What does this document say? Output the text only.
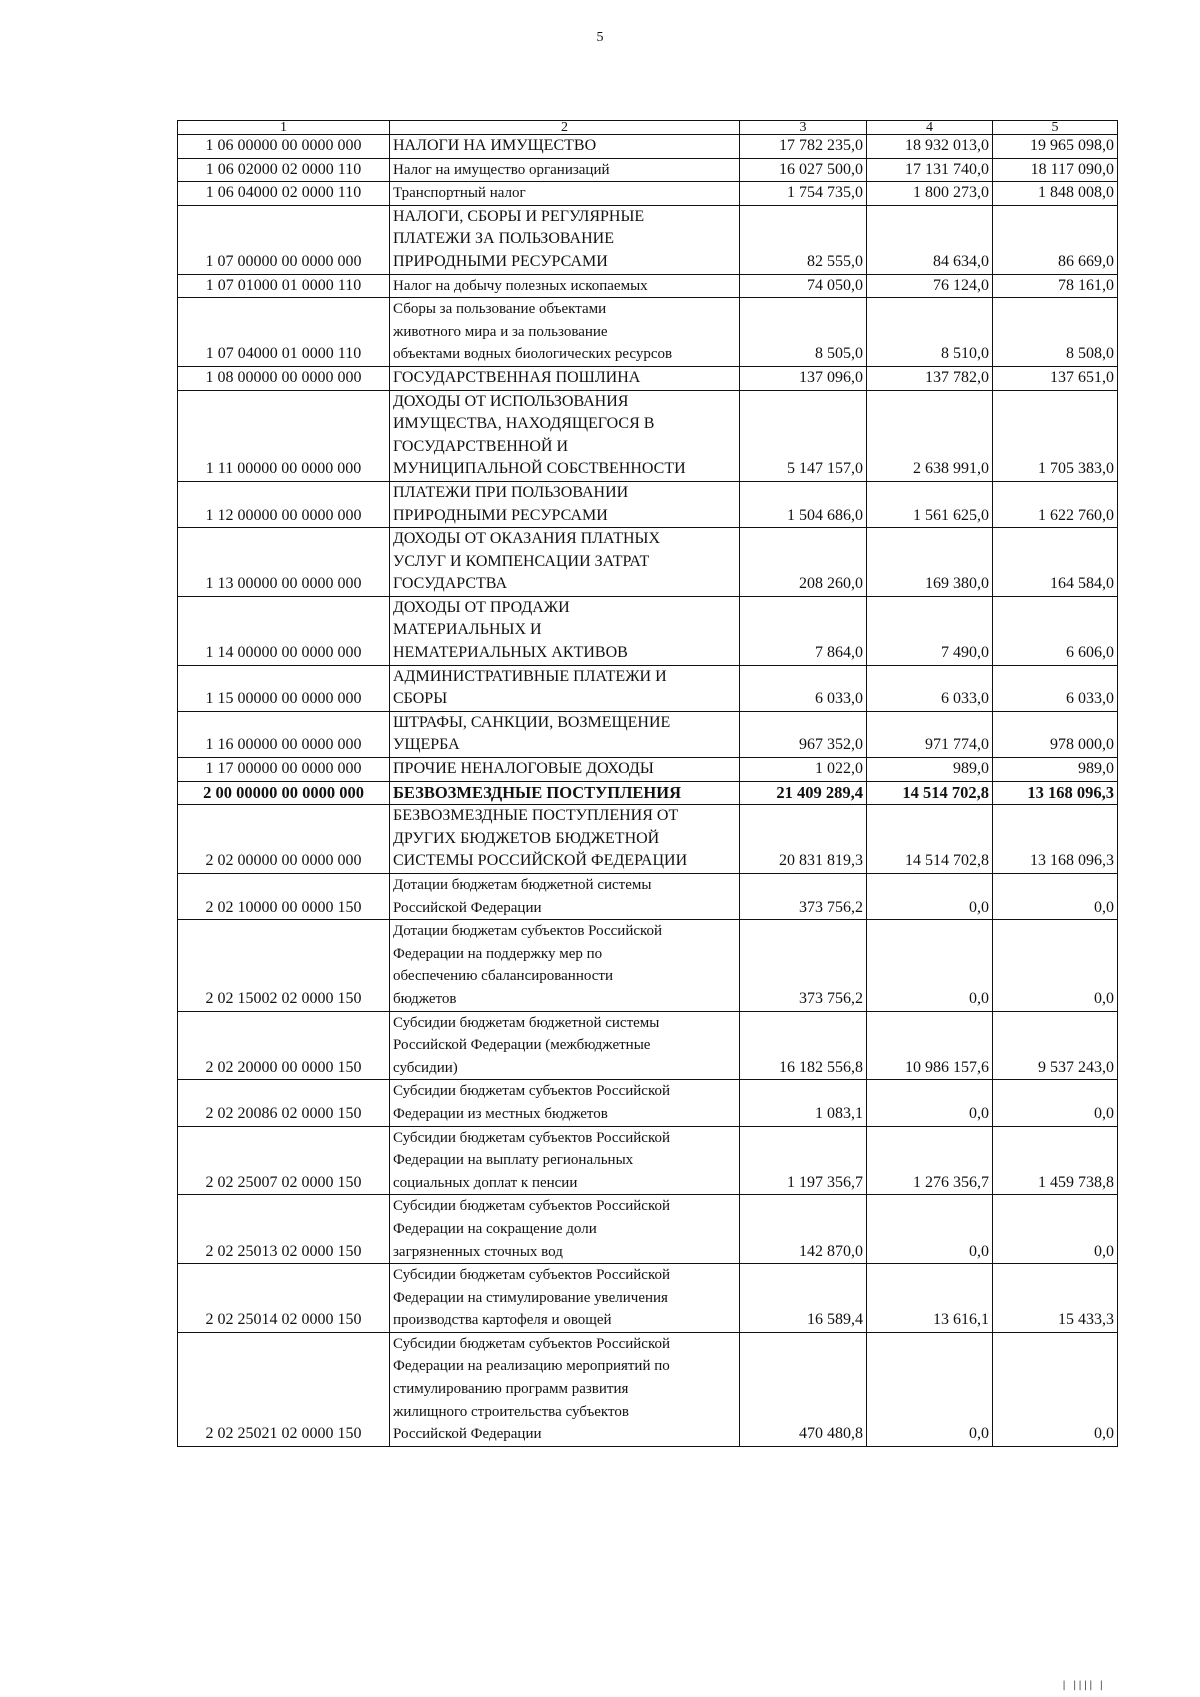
5
1	2	3	4	5
1 06 00000 00 0000 000	НАЛОГИ НА ИМУЩЕСТВО	17 782 235,0	18 932 013,0	19 965 098,0
1 06 02000 02 0000 110	Налог на имущество организаций	16 027 500,0	17 131 740,0	18 117 090,0
1 06 04000 02 0000 110	Транспортный налог	1 754 735,0	1 800 273,0	1 848 008,0
1 07 00000 00 0000 000	НАЛОГИ, СБОРЫ И РЕГУЛЯРНЫЕ
ПЛАТЕЖИ ЗА ПОЛЬЗОВАНИЕ
ПРИРОДНЫМИ РЕСУРСАМИ	82 555,0	84 634,0	86 669,0
1 07 01000 01 0000 110	Налог на добычу полезных ископаемых	74 050,0	76 124,0	78 161,0
1 07 04000 01 0000 110	Сборы за пользование объектами
животного мира и за пользование
объектами водных биологических ресурсов	8 505,0	8 510,0	8 508,0
1 08 00000 00 0000 000	ГОСУДАРСТВЕННАЯ ПОШЛИНА	137 096,0	137 782,0	137 651,0
1 11 00000 00 0000 000	ДОХОДЫ ОТ ИСПОЛЬЗОВАНИЯ
ИМУЩЕСТВА, НАХОДЯЩЕГОСЯ В
ГОСУДАРСТВЕННОЙ И
МУНИЦИПАЛЬНОЙ СОБСТВЕННОСТИ	5 147 157,0	2 638 991,0	1 705 383,0
1 12 00000 00 0000 000	ПЛАТЕЖИ ПРИ ПОЛЬЗОВАНИИ
ПРИРОДНЫМИ РЕСУРСАМИ	1 504 686,0	1 561 625,0	1 622 760,0
1 13 00000 00 0000 000	ДОХОДЫ ОТ ОКАЗАНИЯ ПЛАТНЫХ
УСЛУГ И КОМПЕНСАЦИИ ЗАТРАТ
ГОСУДАРСТВА	208 260,0	169 380,0	164 584,0
1 14 00000 00 0000 000	ДОХОДЫ ОТ ПРОДАЖИ
МАТЕРИАЛЬНЫХ И
НЕМАТЕРИАЛЬНЫХ АКТИВОВ	7 864,0	7 490,0	6 606,0
1 15 00000 00 0000 000	АДМИНИСТРАТИВНЫЕ ПЛАТЕЖИ И
СБОРЫ	6 033,0	6 033,0	6 033,0
1 16 00000 00 0000 000	ШТРАФЫ, САНКЦИИ, ВОЗМЕЩЕНИЕ
УЩЕРБА	967 352,0	971 774,0	978 000,0
1 17 00000 00 0000 000	ПРОЧИЕ НЕНАЛОГОВЫЕ ДОХОДЫ	1 022,0	989,0	989,0
2 00 00000 00 0000 000	БЕЗВОЗМЕЗДНЫЕ ПОСТУПЛЕНИЯ	21 409 289,4	14 514 702,8	13 168 096,3
2 02 00000 00 0000 000	БЕЗВОЗМЕЗДНЫЕ ПОСТУПЛЕНИЯ ОТ
ДРУГИХ БЮДЖЕТОВ БЮДЖЕТНОЙ
СИСТЕМЫ РОССИЙСКОЙ ФЕДЕРАЦИИ	20 831 819,3	14 514 702,8	13 168 096,3
2 02 10000 00 0000 150	Дотации бюджетам бюджетной системы
Российской Федерации	373 756,2	0,0	0,0
2 02 15002 02 0000 150	Дотации бюджетам субъектов Российской
Федерации на поддержку мер по
обеспечению сбалансированности
бюджетов	373 756,2	0,0	0,0
2 02 20000 00 0000 150	Субсидии бюджетам бюджетной системы
Российской Федерации (межбюджетные
субсидии)	16 182 556,8	10 986 157,6	9 537 243,0
2 02 20086 02 0000 150	Субсидии бюджетам субъектов Российской
Федерации из местных бюджетов	1 083,1	0,0	0,0
2 02 25007 02 0000 150	Субсидии бюджетам субъектов Российской
Федерации на выплату региональных
социальных доплат к пенсии	1 197 356,7	1 276 356,7	1 459 738,8
2 02 25013 02 0000 150	Субсидии бюджетам субъектов Российской
Федерации на сокращение доли
загрязненных сточных вод	142 870,0	0,0	0,0
2 02 25014 02 0000 150	Субсидии бюджетам субъектов Российской
Федерации на стимулирование увеличения
производства картофеля и овощей	16 589,4	13 616,1	15 433,3
2 02 25021 02 0000 150	Субсидии бюджетам субъектов Российской
Федерации на реализацию мероприятий по
стимулированию программ развития
жилищного строительства субъектов
Российской Федерации	470 480,8	0,0	0,0
| |||| |
